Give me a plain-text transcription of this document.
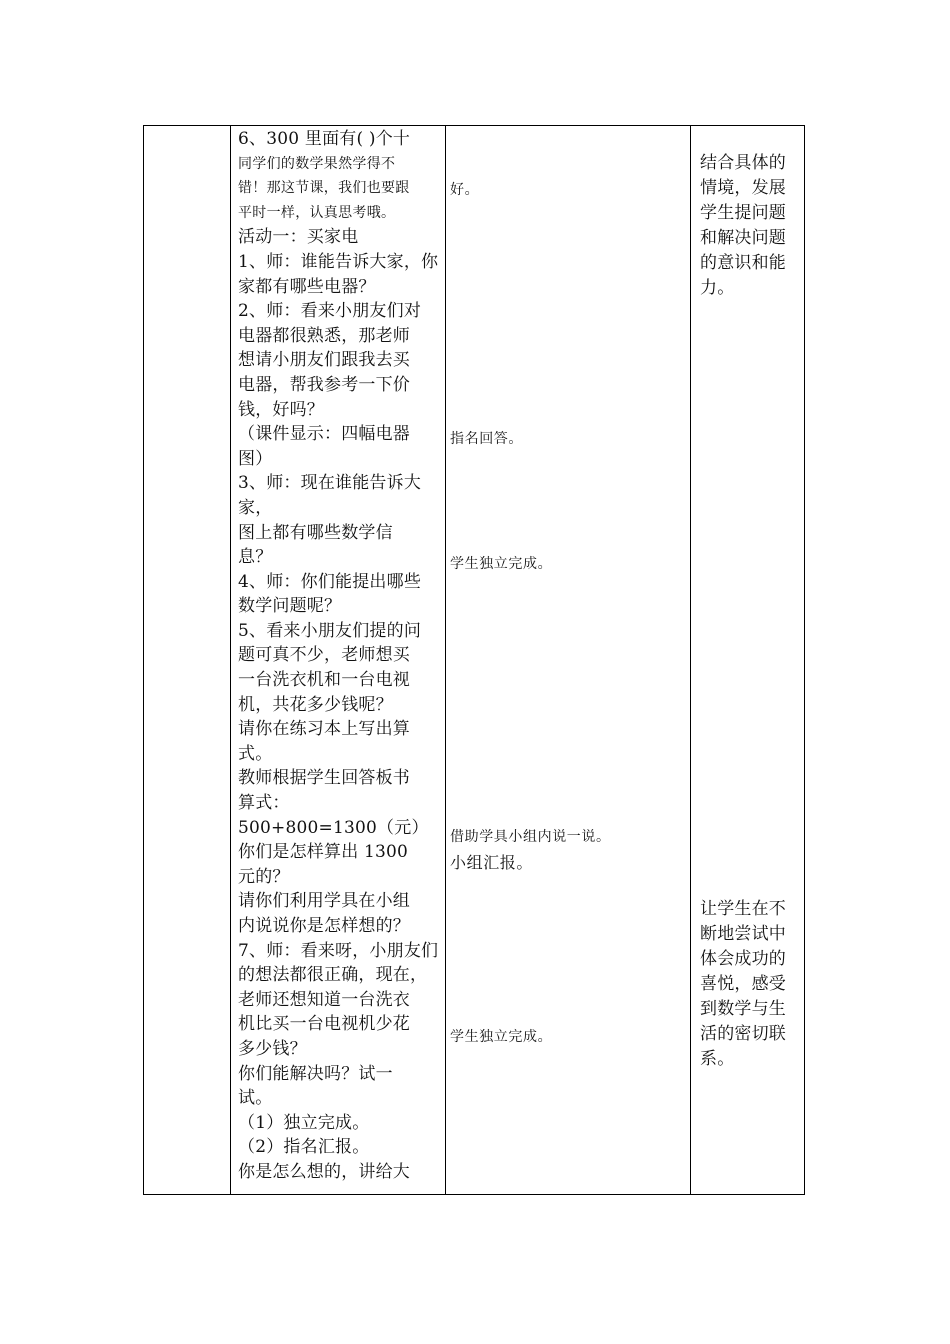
6、300 里面有( )个十
同学们的数学果然学得不
错！那这节课，我们也要跟
平时一样，认真思考哦。
活动一：买家电
1、师：谁能告诉大家，你
家都有哪些电器？
2、师：看来小朋友们对
电器都很熟悉，那老师
想请小朋友们跟我去买
电器，帮我参考一下价
钱，好吗？
（课件显示：四幅电器
图）
3、师：现在谁能告诉大
家，
图上都有哪些数学信
息？
4、师：你们能提出哪些
数学问题呢？
5、看来小朋友们提的问
题可真不少，老师想买
一台洗衣机和一台电视
机，共花多少钱呢？
请你在练习本上写出算
式。
教师根据学生回答板书
算式：
500+800=1300（元）
你们是怎样算出 1300
元的？
请你们利用学具在小组
内说说你是怎样想的？
7、师：看来呀，小朋友们
的想法都很正确，现在，
老师还想知道一台洗衣
机比买一台电视机少花
多少钱？
你们能解决吗？试一
试。
（1）独立完成。
（2）指名汇报。
你是怎么想的，讲给大
好。
指名回答。
学生独立完成。
借助学具小组内说一说。
小组汇报。
学生独立完成。
结合具体的
情境，发展
学生提问题
和解决问题
的意识和能
力。
让学生在不
断地尝试中
体会成功的
喜悦，感受
到数学与生
活的密切联
系。
